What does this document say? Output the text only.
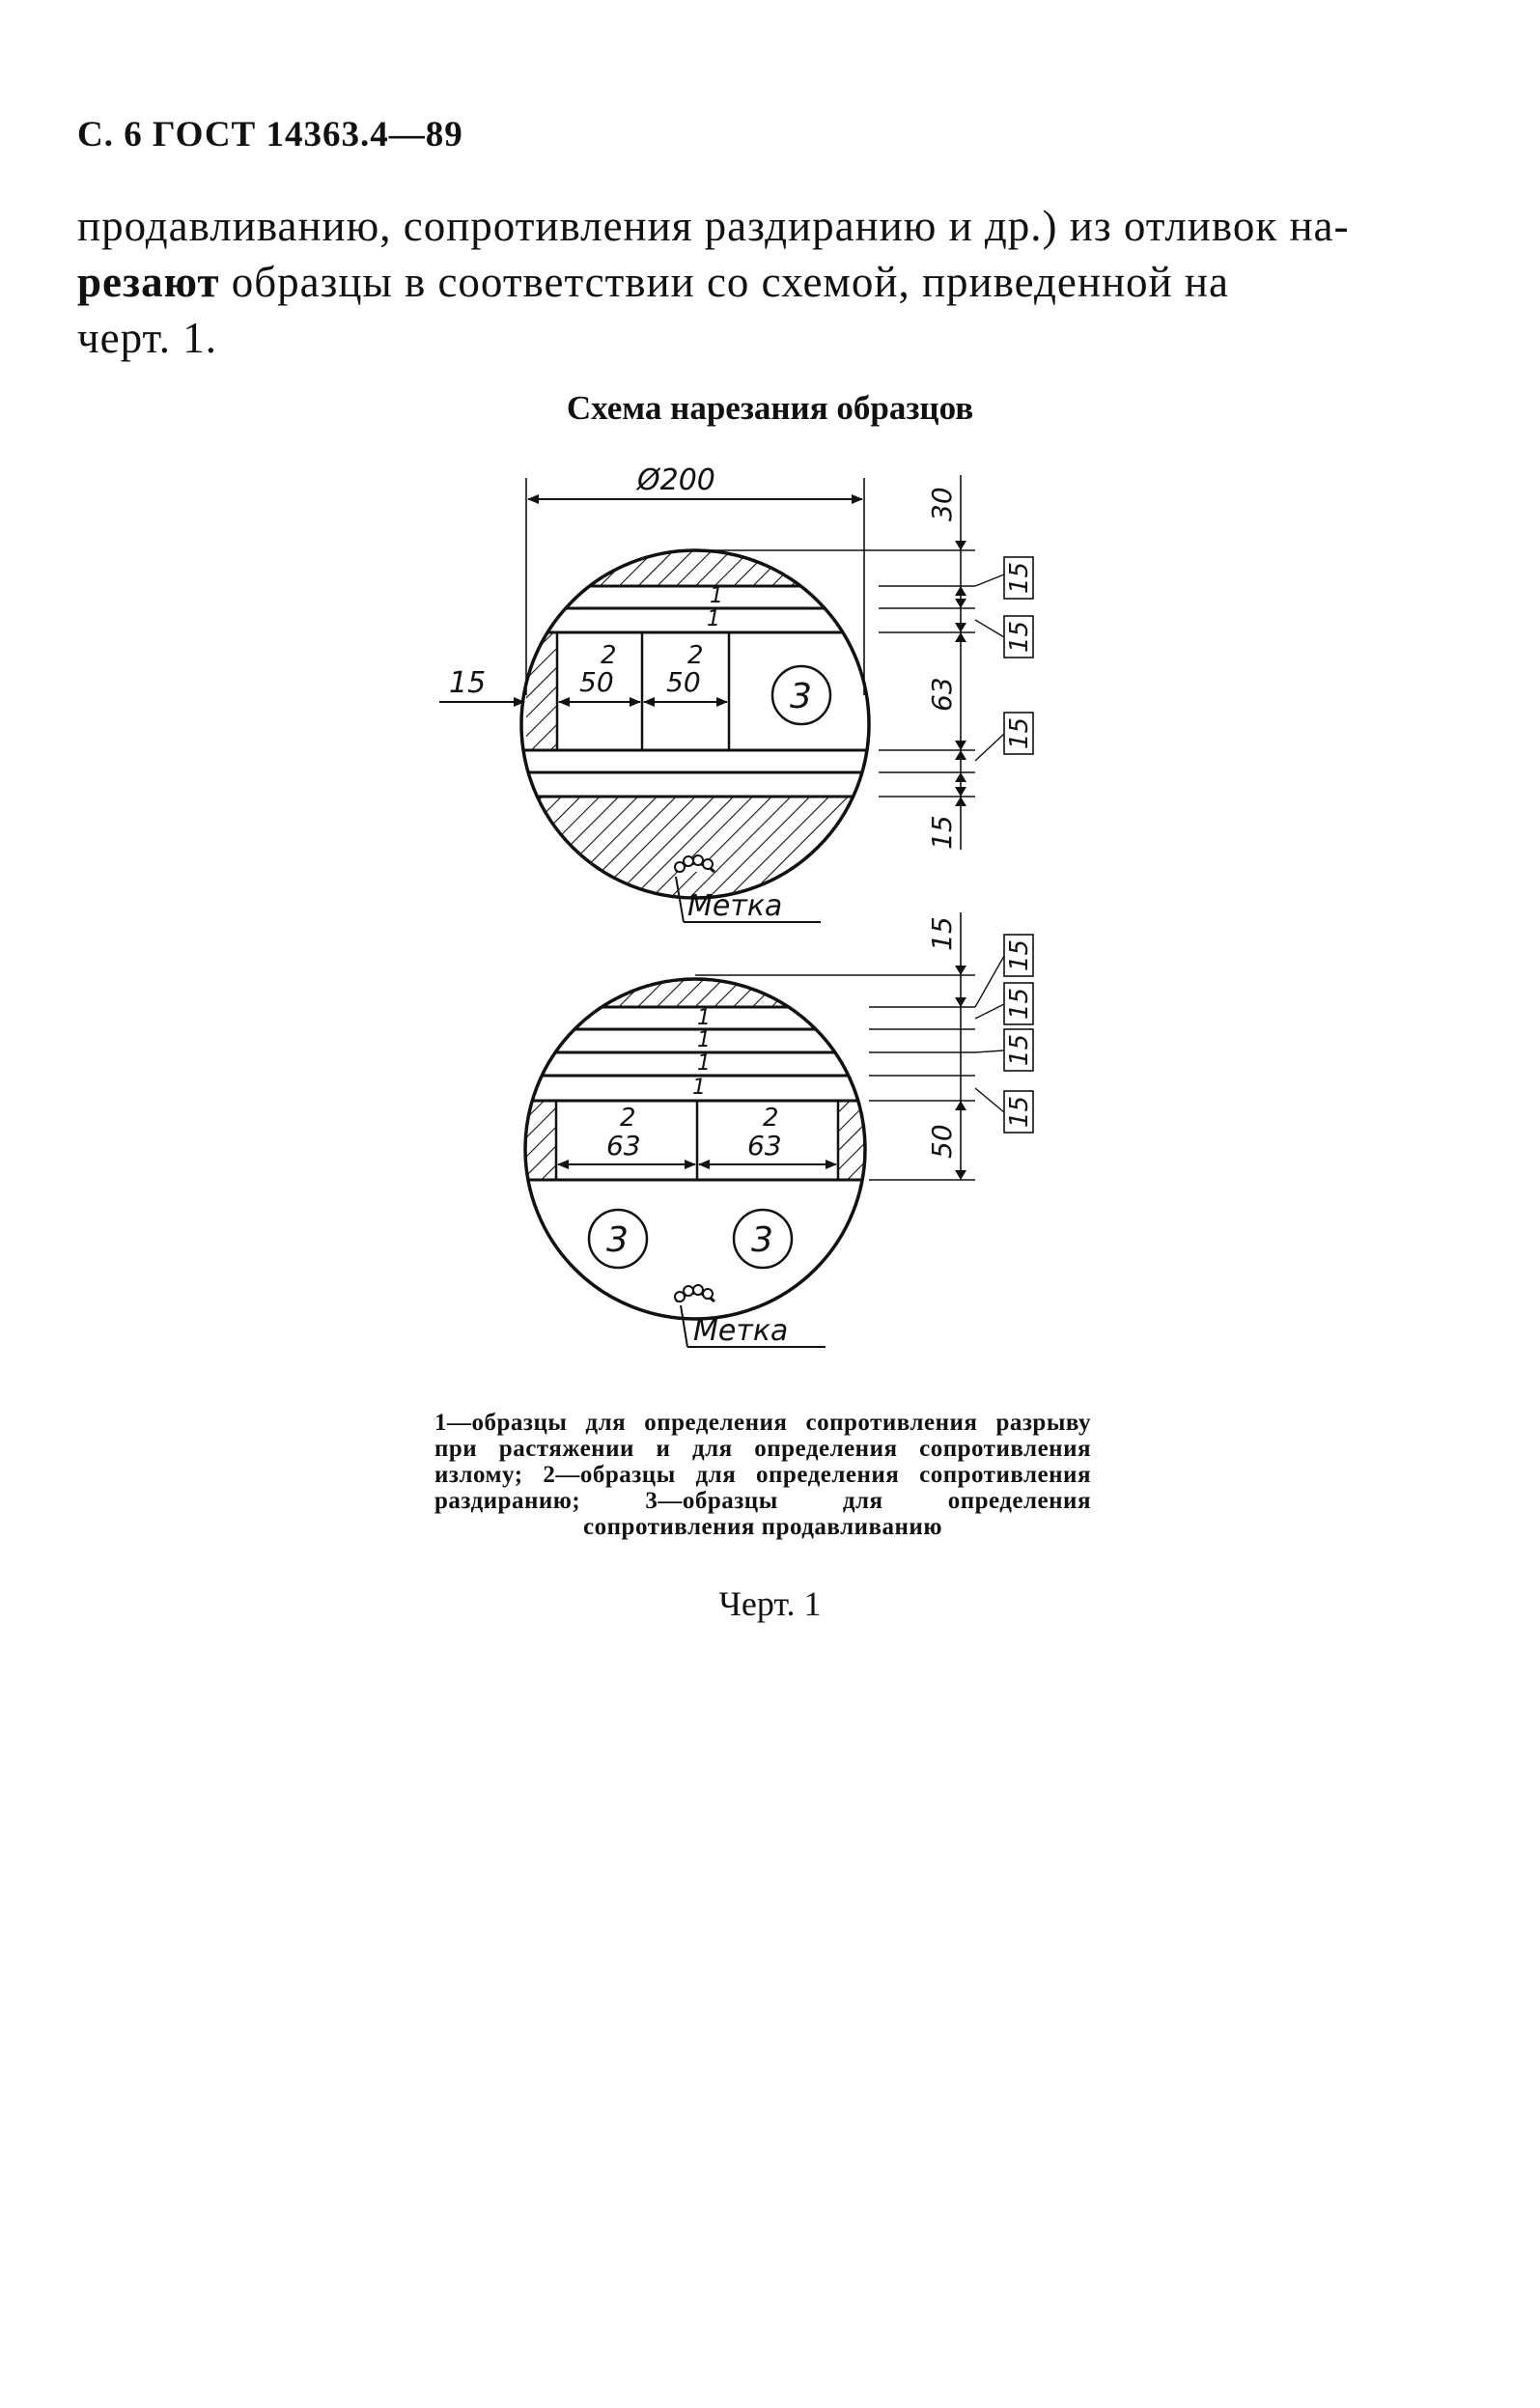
С. 6 ГОСТ 14363.4—89
продавливанию, сопротивления раздиранию и др.) из отливок на-
резают образцы в соответствии со схемой, приведенной на
черт. 1.
Схема нарезания образцов
Метка
Ø200
15
1
1
2
50
2
50	3
30
63
15
15
15
15
Метка
1
1
1
1
2
63
2
63
3	3
15
50
15
15
15
15
1—образцы для определения сопротивления разрыву при растяжении и для определения сопротивления излому; 2—образцы для определения сопротивления раздиранию; 3—образцы для определения сопротивления продавливанию
Черт. 1
